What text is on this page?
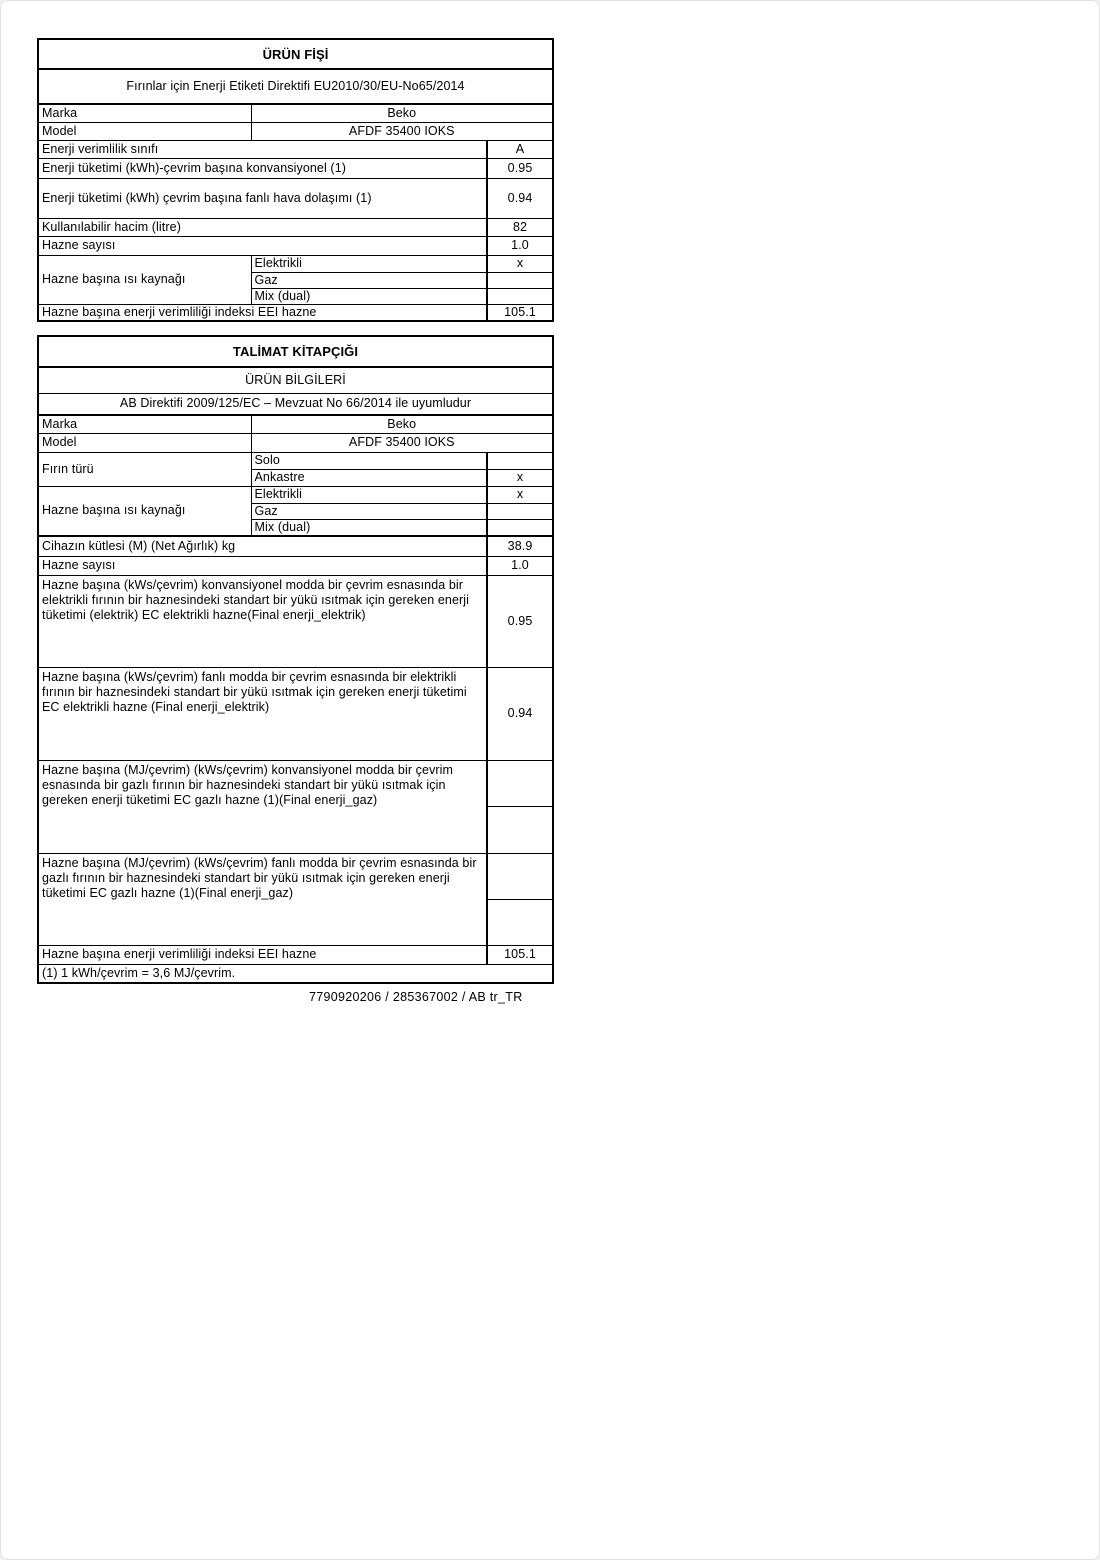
ÜRÜN FİŞİ		
Fırınlar için Enerji Etiketi Direktifi EU2010/30/EU-No65/2014		
Marka	Beko	
Model	AFDF 35400 IOKS	
Enerji verimlilik sınıfı		A
Enerji tüketimi (kWh)-çevrim başına konvansiyonel (1)		0.95
Enerji tüketimi (kWh) çevrim başına fanlı hava dolaşımı (1)		0.94
Kullanılabilir hacim (litre)		82
Hazne sayısı		1.0
Hazne başına ısı kaynağı	Elektrikli	x
	Gaz	
	Mix (dual)	
Hazne başına enerji verimliliği indeksi EEI hazne		105.1
TALİMAT KİTAPÇIĞI		
ÜRÜN BİLGİLERİ		
AB Direktifi 2009/125/EC – Mevzuat No 66/2014 ile uyumludur		
Marka	Beko	
Model	AFDF 35400 IOKS	
Fırın türü	Solo	
	Ankastre	x
Hazne başına ısı kaynağı	Elektrikli	x
	Gaz	
	Mix (dual)	
Cihazın kütlesi (M) (Net Ağırlık) kg		38.9
Hazne sayısı		1.0
Hazne başına (kWs/çevrim) konvansiyonel modda bir çevrim esnasında bir elektrikli fırının bir haznesindeki standart bir yükü ısıtmak için gereken enerji tüketimi (elektrik) EC elektrikli hazne(Final enerji_elektrik)		0.95
Hazne başına (kWs/çevrim) fanlı modda bir çevrim esnasında bir elektrikli fırının bir haznesindeki standart bir yükü ısıtmak için gereken enerji tüketimi EC elektrikli hazne (Final enerji_elektrik)		0.94
Hazne başına (MJ/çevrim) (kWs/çevrim) konvansiyonel modda bir çevrim esnasında bir gazlı fırının bir haznesindeki standart bir yükü ısıtmak için gereken enerji tüketimi EC gazlı hazne (1)(Final enerji_gaz)		

Hazne başına (MJ/çevrim) (kWs/çevrim) fanlı modda bir çevrim esnasında bir gazlı fırının bir haznesindeki standart bir yükü ısıtmak için gereken enerji tüketimi EC gazlı hazne (1)(Final enerji_gaz)		

Hazne başına enerji verimliliği indeksi EEI hazne		105.1
(1) 1 kWh/çevrim = 3,6 MJ/çevrim.		
7790920206 / 285367002 / AB tr_TR
